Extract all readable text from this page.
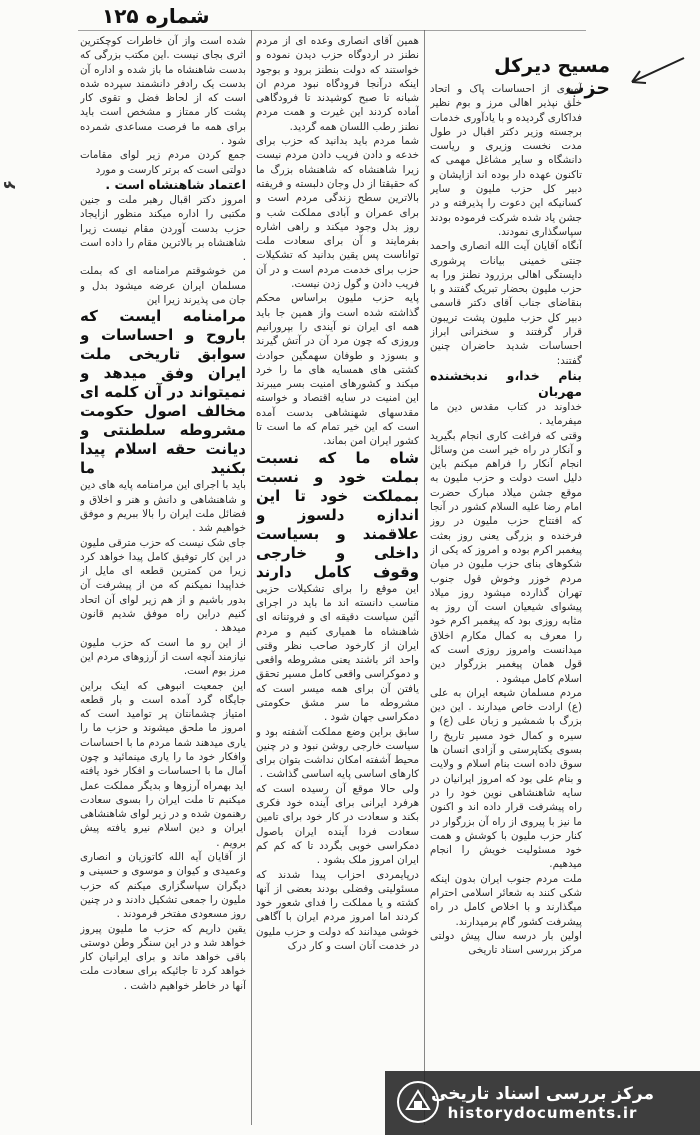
شماره ۱۲۵
۶

شده است واز آن خاطرات کوچکترین اثری بجای نیست .این مکتب بزرگی که بدست شاهنشاه ما باز شده و اداره آن بدست یک رادفر دانشمند سپرده شده است که از لحاظ فضل و تقوی کار پشت کار ممتاز و مشخص است باید برای همه ما فرصت مساعدی شمرده شود .

جمع کردن مردم زیر لوای مقامات دولتی است که برتر کارست و مورد

اعتماد شاهنشاه است .

امروز دکتر اقبال رهبر ملت و جنین مکتبی را اداره میکند منظور ازایجاد حزب بدست آوردن مقام نیست زیرا شاهنشاه بر بالاترین مقام را داده است .

من خوشوقتم مرامنامه ای که بملت مسلمان ایران عرضه میشود بدل و جان می پذیرند زیرا این

مرامنامه ایست که باروح و احساسات و سوابق تاریخی ملت ایران وفق میدهد و نمیتواند در آن کلمه ای مخالف اصول حکومت مشروطه سلطنتی و دیانت حقه اسلام پیدا بکنید ما

باید با اجرای این مرامنامه پایه های دین و شاهنشاهی و دانش و هنر و اخلاق و فضائل ملت ایران را بالا ببریم و موفق خواهیم شد .

جای شک نیست که حزب مترقی ملیون در این کار توفیق کامل پیدا خواهد کرد زیرا من کمترین قطعه ای مایل از خداپیدا نمیکنم که من از پیشرفت آن بدور باشیم و از هم زیر لوای آن اتحاد کنیم دراین راه موفق شدیم قانون میدهد .

از این رو ما است که حزب ملیون نیازمند آنچه است از آرزوهای مردم این مرز بوم است.

این جمعیت انبوهی که اینک براین جایگاه گرد آمده است و بار قطعه امتیاز چشمانتان پر توامید است که امروز ما ملحق میشوند و حزب ما را یاری میدهند شما مردم ما با احساسات وافکار خود ما را یاری مینمائید و چون آمال ما با احساسات و افکار خود یافته اید بهمراه آرزوها و بدیگر مملکت عمل میکنیم تا ملت ایران را بسوی سعادت رهنمون شده و در زیر لوای شاهنشاهی ایران و دین اسلام نیرو یافته پیش برویم .

از آقایان آیه الله کاتوزیان و انصاری وعمیدی و کیوان و موسوی و حسینی و دیگران سپاسگزاری میکنم که حزب ملیون را جمعی تشکیل دادند و در چنین روز مسعودی مفتخر فرمودند .

یقین داریم که حزب ما ملیون پیروز خواهد شد و در این سنگر وطن دوستی باقی خواهد ماند و برای ایرانیان کار خواهد کرد تا جائیکه برای سعادت ملت آنها در خاطر خواهیم داشت .

همین آقای انصاری وعده ای از مردم نطنز در اردوگاه حزب دیدن نموده و خواستند که دولت بنطنز برود و بوجود اینکه درآنجا فرودگاه نبود مردم ان شبانه تا صبح کوشیدند تا فرودگاهی آماده کردند این غیرت و همت مردم نطنز رطب اللسان همه گردید.

شما مردم باید بدانید که حزب برای خدعه و دادن فریب دادن مردم نیست زیرا شاهنشاه که شاهنشاه بزرگ ما که حقیقتا از دل وجان دلبسته و فریفته بالاترین سطح زندگی مردم است و برای عمران و آبادی مملکت شب و روز بدل وجود میکند و راهی اشاره بفرمایند و آن برای سعادت ملت تواناست پس یقین بدانید که تشکیلات حزب برای خدمت مردم است و در آن فریب دادن و گول زدن نیست.

پایه حزب ملیون براساس محکم گذاشته شده است واز همین جا باید همه ای ایران نو آیندی را بپرورانیم وروزی که چون مرد آن در آتش گیرند و بسوزد و طوفان سهمگین حوادث کشتی های همسایه های ما را خرد میکند و کشورهای امنیت بسر میبرند این امنیت در سایه اقتصاد و خواسته مقدسهای شهنشاهی بدست آمده است که این خیر تمام که ما است تا کشور ایران امن بماند.

شاه ما که نسبت بملت خود و نسبت بمملکت خود تا این اندازه دلسوز و علاقمند و بسیاست داخلی و خارجی وقوف کامل دارند

این موقع را برای تشکیلات حزبی مناسب دانسته اند ما باید در اجرای آئین سیاست دقیقه ای و فروتنانه ای شاهنشاه ما همیاری کنیم و مردم ایران از کارخود صاحب نظر وقتی واحد اثر باشند یعنی مشروطه واقعی و دموکراسی واقعی کامل مسیر تحقق یافتن آن برای همه میسر است که مشروطه ما سر مشق حکومتی دمکراسی جهان شود .

سابق براین وضع مملکت آشفته بود و سیاست خارجی روشن نبود و در چنین محیط آشفته امکان نداشت بتوان برای کارهای اساسی پایه اساسی گذاشت .

ولی حالا موقع آن رسیده است که هرفرد ایرانی برای آینده خود فکری بکند و سعادت در کار خود برای تامین سعادت فردا آینده ایران باصول دمکراسی خوبی بگردد تا که کم کم ایران امروز ملک بشود .

درپایمردی احزاب پیدا شدند که مسئولیتی وفضلی بودند بعضی از آنها کشته و یا مملکت را فدای شعور خود کردند اما امروز مردم ایران با آگاهی خوشی میدانند که دولت و حزب ملیون در خدمت آنان است و کار درک

مسیح دیرکل حزب

آمیزی از احساسات پاک و اتحاد خلق نپذیر اهالی مرز و بوم نظیر فداکاری گردیده و با یادآوری خدمات برجسته وزیر دکتر اقبال در طول مدت نخست وزیری و ریاست دانشگاه و سایر مشاغل مهمی که تاکنون عهده دار بوده اند ازایشان و دبیر کل حزب ملیون و سایر کسانیکه این دعوت را پذیرفته و در جشن یاد شده شرکت فرموده بودند سپاسگذاری نمودند.

آنگاه آقایان آیت الله انصاری واحمد جنتی خمینی بیانات پرشوری دایستگی اهالی برزرود نطنز ورا به حزب ملیون بحضار تبریک گفتند و با بنقاضای جناب آقای دکتر قاسمی دبیر کل حزب ملیون پشت تریبون قرار گرفتند و سخنرانی ابراز احساسات شدید حاضران چنین گفتند:

بنام خدا،و ندبخشنده مهربان

خداوند در کتاب مقدس دین ما میفرماید .

وقتی که فراغت کاری انجام بگیرید و آنکار در راه خیر است من وسائل انجام آنکار را فراهم میکنم باین دلیل است دولت و حزب ملیون به موقع جشن میلاد مبارک حضرت امام رضا علیه السلام کشور در آنجا که افتتاح حزب ملیون در روز فرخنده و بزرگی یعنی روز بعثت پیغمبر اکرم بوده و امروز که یکی از شکوهای بنای حزب ملیون در میان مردم خوزر وخوش قول جنوب تهران گذارده میشود روز میلاد پیشوای شیعیان است آن روز به مثابه روزی بود که پیغمبر اکرم خود را معرف به کمال مکارم اخلاق میدانست وامروز روزی است که قول همان پیغمبر بزرگوار دین اسلام کامل میشود .

مردم مسلمان شیعه ایران به علی (ع) ارادت خاص میدارند . این دین بزرگ با شمشیر و زبان علی (ع) و سیره و کمال خود مسیر تاریخ را بسوی یکتاپرستی و آزادی انسان ها سوق داده است بنام اسلام و ولایت و بنام علی بود که امروز ایرانیان در سایه شاهنشاهی نوین خود را در راه پیشرفت قرار داده اند و اکنون ما نیز با پیروی از راه آن بزرگوار در کنار حزب ملیون با کوشش و همت خود مسئولیت خویش را انجام میدهیم.

ملت مردم جنوب ایران بدون اینکه شکی کنند به شعائر اسلامی احترام میگذارند و با اخلاص کامل در راه پیشرفت کشور گام برمیدارند.

اولین بار درسه سال پیش دولتی مرکز بررسی اسناد تاریخی

مرکز بررسی اسناد تاریخی
historydocuments.ir
